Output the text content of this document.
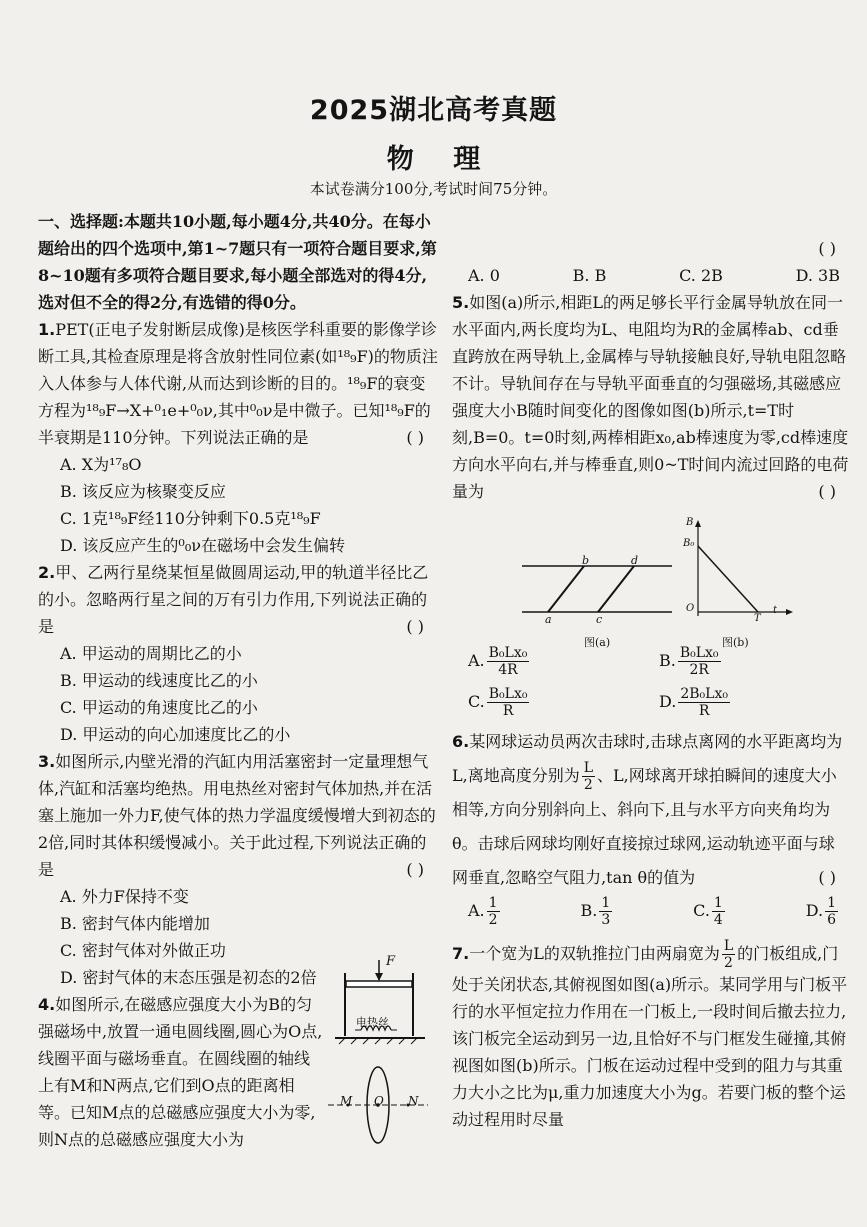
2025湖北高考真题
物 理
本试卷满分100分,考试时间75分钟。

一、选择题:本题共10小题,每小题4分,共40分。在每小题给出的四个选项中,第1~7题只有一项符合题目要求,第8~10题有多项符合题目要求,每小题全部选对的得4分,选对但不全的得2分,有选错的得0分。

1.PET(正电子发射断层成像)是核医学科重要的影像学诊断工具,其检查原理是将含放射性同位素(如¹⁸₉F)的物质注入人体参与人体代谢,从而达到诊断的目的。¹⁸₉F的衰变方程为¹⁸₉F→X+⁰₁e+⁰₀ν,其中⁰₀ν是中微子。已知¹⁸₉F的半衰期是110分钟。下列说法正确的是	( )

A. X为¹⁷₈O

B. 该反应为核聚变反应

C. 1克¹⁸₉F经110分钟剩下0.5克¹⁸₉F

D. 该反应产生的⁰₀ν在磁场中会发生偏转

2.甲、乙两行星绕某恒星做圆周运动,甲的轨道半径比乙的小。忽略两行星之间的万有引力作用,下列说法正确的是	( )

A. 甲运动的周期比乙的小

B. 甲运动的线速度比乙的小

C. 甲运动的角速度比乙的小

D. 甲运动的向心加速度比乙的小

3.如图所示,内壁光滑的汽缸内用活塞密封一定量理想气体,汽缸和活塞均绝热。用电热丝对密封气体加热,并在活塞上施加一外力F,使气体的热力学温度缓慢增大到初态的2倍,同时其体积缓慢减小。关于此过程,下列说法正确的是	( )

A. 外力F保持不变

B. 密封气体内能增加

C. 密封气体对外做正功

D. 密封气体的末态压强是初态的2倍

4.如图所示,在磁感应强度大小为B的匀强磁场中,放置一通电圆线圈,圆心为O点,线圈平面与磁场垂直。在圆线圈的轴线上有M和N两点,它们到O点的距离相等。已知M点的总磁感应强度大小为零,则N点的总磁感应强度大小为

F
电热丝
M O N

( )

A. 0	B. B	C. 2B	D. 3B

5.如图(a)所示,相距L的两足够长平行金属导轨放在同一水平面内,两长度均为L、电阻均为R的金属棒ab、cd垂直跨放在两导轨上,金属棒与导轨接触良好,导轨电阻忽略不计。导轨间存在与导轨平面垂直的匀强磁场,其磁感应强度大小B随时间变化的图像如图(b)所示,t=T时刻,B=0。t=0时刻,两棒相距x₀,ab棒速度为零,cd棒速度方向水平向右,并与棒垂直,则0~T时间内流过回路的电荷量为	( )

A. $\frac{\text{B₀Lx₀}}{4R}$	B. $\frac{\text{B₀Lx₀}}{2R}$
C. $\frac{\text{B₀Lx₀}}{R}$	D. $\frac{\text{2B₀Lx₀}}{R}$

6.某网球运动员两次击球时,击球点离网的水平距离均为L,离地高度分别为 $\frac{L}{2}$ 、L,网球离开球拍瞬间的速度大小相等,方向分别斜向上、斜向下,且与水平方向夹角均为θ。击球后网球均刚好直接掠过球网,运动轨迹平面与球网垂直,忽略空气阻力,tan θ的值为	( )

A. $\frac{1}{2}$	B. $\frac{1}{3}$	C. $\frac{1}{4}$	D. $\frac{1}{6}$

7.一个宽为L的双轨推拉门由两扇宽为 $\frac{L}{2}$ 的门板组成,门处于关闭状态,其俯视图如图(a)所示。某同学用与门板平行的水平恒定拉力作用在一门板上,一段时间后撤去拉力,该门板完全运动到另一边,且恰好不与门框发生碰撞,其俯视图如图(b)所示。门板在运动过程中受到的阻力与其重力大小之比为μ,重力加速度大小为g。若要门板的整个运动过程用时尽量

b	d
a	c
图(a)
B
B₀
O
T
t
图(b)
